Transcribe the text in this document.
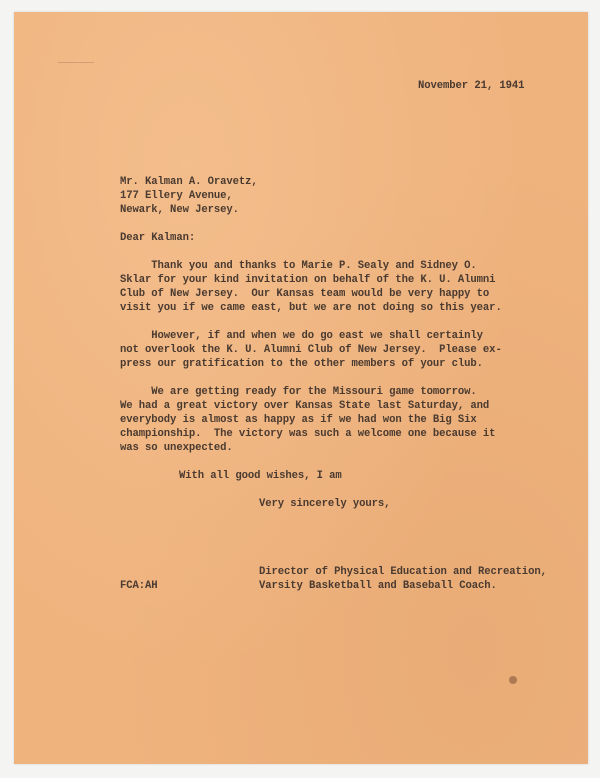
November 21, 1941
Mr. Kalman A. Oravetz,
177 Ellery Avenue,
Newark, New Jersey.
Dear Kalman:
Thank you and thanks to Marie P. Sealy and Sidney O.
Sklar for your kind invitation on behalf of the K. U. Alumni
Club of New Jersey.  Our Kansas team would be very happy to
visit you if we came east, but we are not doing so this year.
However, if and when we do go east we shall certainly
not overlook the K. U. Alumni Club of New Jersey.  Please ex-
press our gratification to the other members of your club.
We are getting ready for the Missouri game tomorrow.
We had a great victory over Kansas State last Saturday, and
everybody is almost as happy as if we had won the Big Six
championship.  The victory was such a welcome one because it
was so unexpected.
With all good wishes, I am
Very sincerely yours,
Director of Physical Education and Recreation,
Varsity Basketball and Baseball Coach.
FCA:AH
